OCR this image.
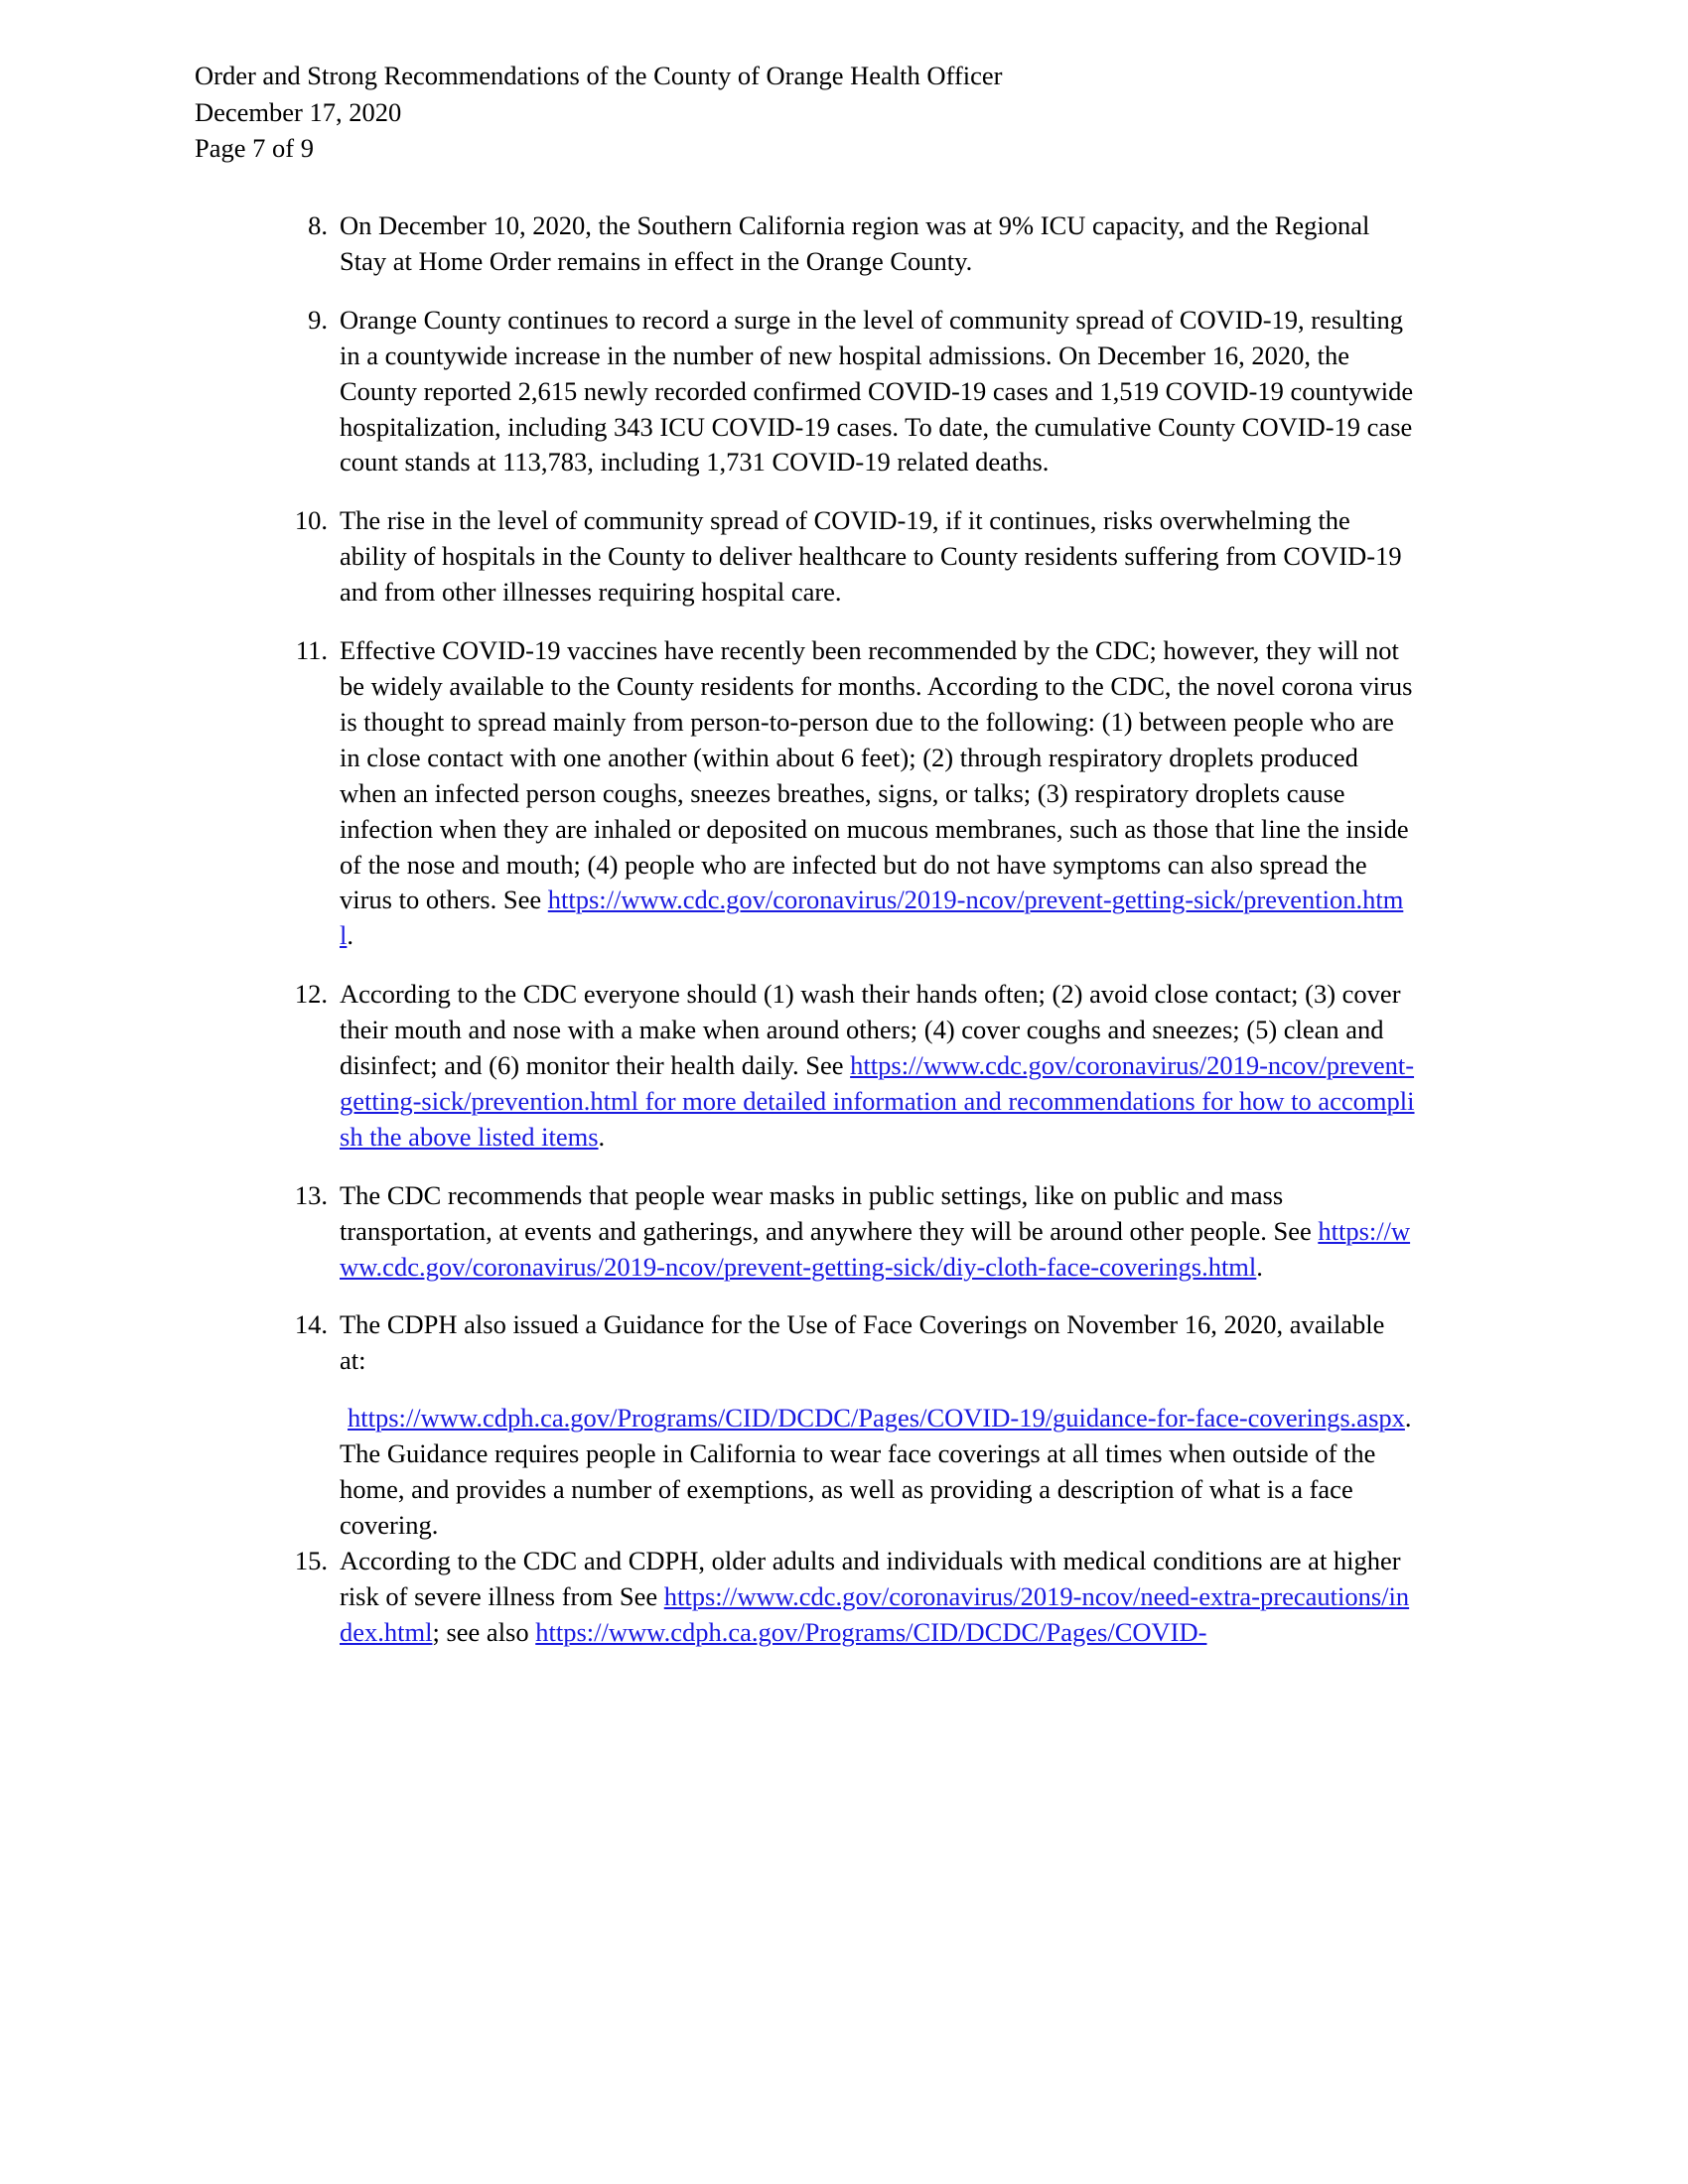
Order and Strong Recommendations of the County of Orange Health Officer
December 17, 2020
Page 7 of 9
8. On December 10, 2020, the Southern California region was at 9% ICU capacity, and the Regional Stay at Home Order remains in effect in the Orange County.
9. Orange County continues to record a surge in the level of community spread of COVID-19, resulting in a countywide increase in the number of new hospital admissions. On December 16, 2020, the County reported 2,615 newly recorded confirmed COVID-19 cases and 1,519 COVID-19 countywide hospitalization, including 343 ICU COVID-19 cases. To date, the cumulative County COVID-19 case count stands at 113,783, including 1,731 COVID-19 related deaths.
10. The rise in the level of community spread of COVID-19, if it continues, risks overwhelming the ability of hospitals in the County to deliver healthcare to County residents suffering from COVID-19 and from other illnesses requiring hospital care.
11. Effective COVID-19 vaccines have recently been recommended by the CDC; however, they will not be widely available to the County residents for months. According to the CDC, the novel corona virus is thought to spread mainly from person-to-person due to the following: (1) between people who are in close contact with one another (within about 6 feet); (2) through respiratory droplets produced when an infected person coughs, sneezes breathes, signs, or talks; (3) respiratory droplets cause infection when they are inhaled or deposited on mucous membranes, such as those that line the inside of the nose and mouth; (4) people who are infected but do not have symptoms can also spread the virus to others. See https://www.cdc.gov/coronavirus/2019-ncov/prevent-getting-sick/prevention.html.
12. According to the CDC everyone should (1) wash their hands often; (2) avoid close contact; (3) cover their mouth and nose with a make when around others; (4) cover coughs and sneezes; (5) clean and disinfect; and (6) monitor their health daily. See https://www.cdc.gov/coronavirus/2019-ncov/prevent-getting-sick/prevention.html for more detailed information and recommendations for how to accomplish the above listed items.
13. The CDC recommends that people wear masks in public settings, like on public and mass transportation, at events and gatherings, and anywhere they will be around other people. See https://www.cdc.gov/coronavirus/2019-ncov/prevent-getting-sick/diy-cloth-face-coverings.html.
14. The CDPH also issued a Guidance for the Use of Face Coverings on November 16, 2020, available at:
https://www.cdph.ca.gov/Programs/CID/DCDC/Pages/COVID-19/guidance-for-face-coverings.aspx.
The Guidance requires people in California to wear face coverings at all times when outside of the home, and provides a number of exemptions, as well as providing a description of what is a face covering.
15. According to the CDC and CDPH, older adults and individuals with medical conditions are at higher risk of severe illness from See https://www.cdc.gov/coronavirus/2019-ncov/need-extra-precautions/index.html; see also https://www.cdph.ca.gov/Programs/CID/DCDC/Pages/COVID-
